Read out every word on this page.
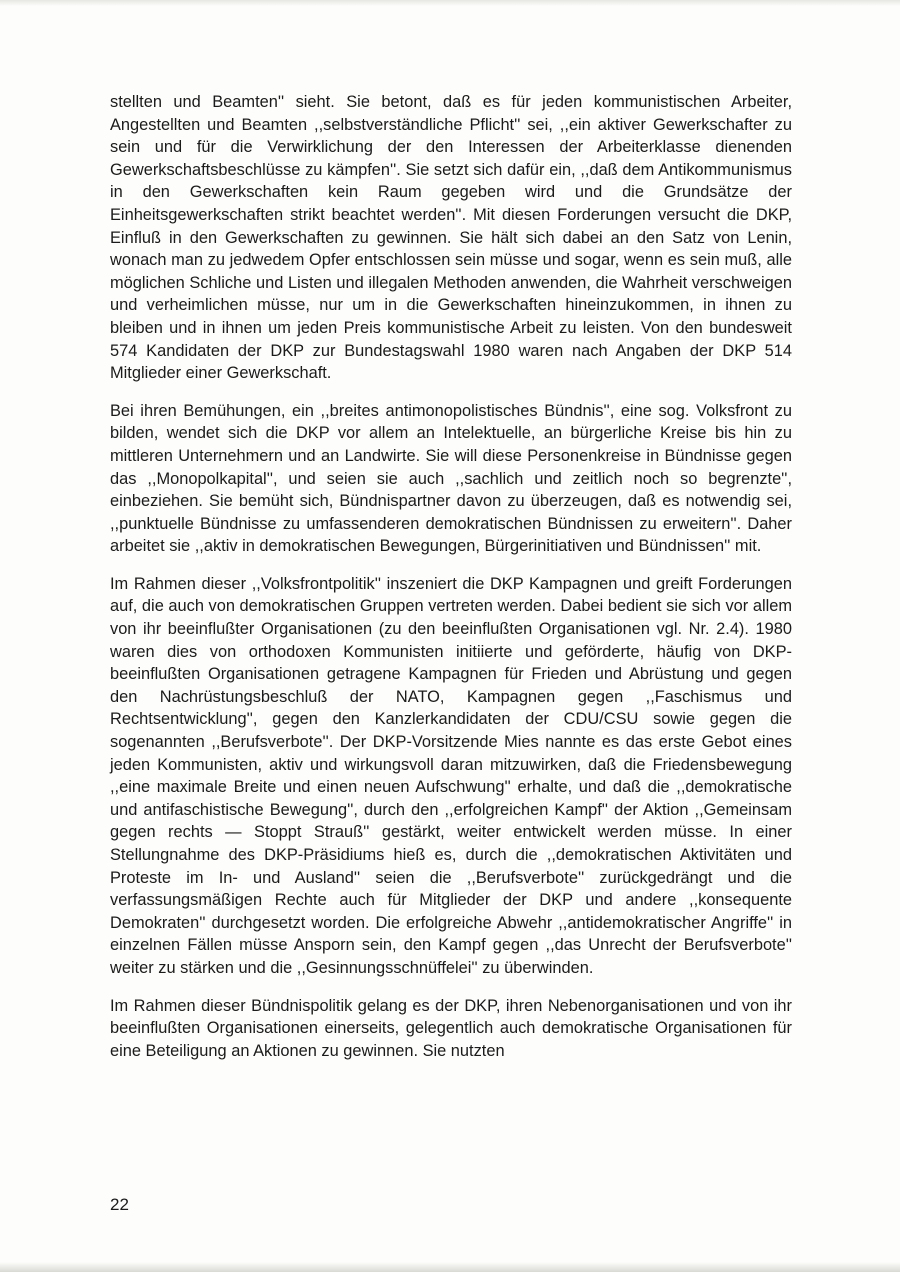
stellten und Beamten'' sieht. Sie betont, daß es für jeden kommunistischen Arbeiter, Angestellten und Beamten ,,selbstverständliche Pflicht'' sei, ,,ein aktiver Gewerkschafter zu sein und für die Verwirklichung der den Interessen der Arbeiterklasse dienenden Gewerkschaftsbeschlüsse zu kämpfen''. Sie setzt sich dafür ein, ,,daß dem Antikommunismus in den Gewerkschaften kein Raum gegeben wird und die Grundsätze der Einheitsgewerkschaften strikt beachtet werden''. Mit diesen Forderungen versucht die DKP, Einfluß in den Gewerkschaften zu gewinnen. Sie hält sich dabei an den Satz von Lenin, wonach man zu jedwedem Opfer entschlossen sein müsse und sogar, wenn es sein muß, alle möglichen Schliche und Listen und illegalen Methoden anwenden, die Wahrheit verschweigen und verheimlichen müsse, nur um in die Gewerkschaften hineinzukommen, in ihnen zu bleiben und in ihnen um jeden Preis kommunistische Arbeit zu leisten. Von den bundesweit 574 Kandidaten der DKP zur Bundestagswahl 1980 waren nach Angaben der DKP 514 Mitglieder einer Gewerkschaft.

Bei ihren Bemühungen, ein ,,breites antimonopolistisches Bündnis'', eine sog. Volksfront zu bilden, wendet sich die DKP vor allem an Intelektuelle, an bürgerliche Kreise bis hin zu mittleren Unternehmern und an Landwirte. Sie will diese Personenkreise in Bündnisse gegen das ,,Monopolkapital'', und seien sie auch ,,sachlich und zeitlich noch so begrenzte'', einbeziehen. Sie bemüht sich, Bündnispartner davon zu überzeugen, daß es notwendig sei, ,,punktuelle Bündnisse zu umfassenderen demokratischen Bündnissen zu erweitern''. Daher arbeitet sie ,,aktiv in demokratischen Bewegungen, Bürgerinitiativen und Bündnissen'' mit.

Im Rahmen dieser ,,Volksfrontpolitik'' inszeniert die DKP Kampagnen und greift Forderungen auf, die auch von demokratischen Gruppen vertreten werden. Dabei bedient sie sich vor allem von ihr beeinflußter Organisationen (zu den beeinflußten Organisationen vgl. Nr. 2.4). 1980 waren dies von orthodoxen Kommunisten initiierte und geförderte, häufig von DKP-beeinflußten Organisationen getragene Kampagnen für Frieden und Abrüstung und gegen den Nachrüstungsbeschluß der NATO, Kampagnen gegen ,,Faschismus und Rechtsentwicklung'', gegen den Kanzlerkandidaten der CDU/CSU sowie gegen die sogenannten ,,Berufsverbote''. Der DKP-Vorsitzende Mies nannte es das erste Gebot eines jeden Kommunisten, aktiv und wirkungsvoll daran mitzuwirken, daß die Friedensbewegung ,,eine maximale Breite und einen neuen Aufschwung'' erhalte, und daß die ,,demokratische und antifaschistische Bewegung'', durch den ,,erfolgreichen Kampf'' der Aktion ,,Gemeinsam gegen rechts — Stoppt Strauß'' gestärkt, weiter entwickelt werden müsse. In einer Stellungnahme des DKP-Präsidiums hieß es, durch die ,,demokratischen Aktivitäten und Proteste im In- und Ausland'' seien die ,,Berufsverbote'' zurückgedrängt und die verfassungsmäßigen Rechte auch für Mitglieder der DKP und andere ,,konsequente Demokraten'' durchgesetzt worden. Die erfolgreiche Abwehr ,,antidemokratischer Angriffe'' in einzelnen Fällen müsse Ansporn sein, den Kampf gegen ,,das Unrecht der Berufsverbote'' weiter zu stärken und die ,,Gesinnungsschnüffelei'' zu überwinden.

Im Rahmen dieser Bündnispolitik gelang es der DKP, ihren Nebenorganisationen und von ihr beeinflußten Organisationen einerseits, gelegentlich auch demokratische Organisationen für eine Beteiligung an Aktionen zu gewinnen. Sie nutzten

22
